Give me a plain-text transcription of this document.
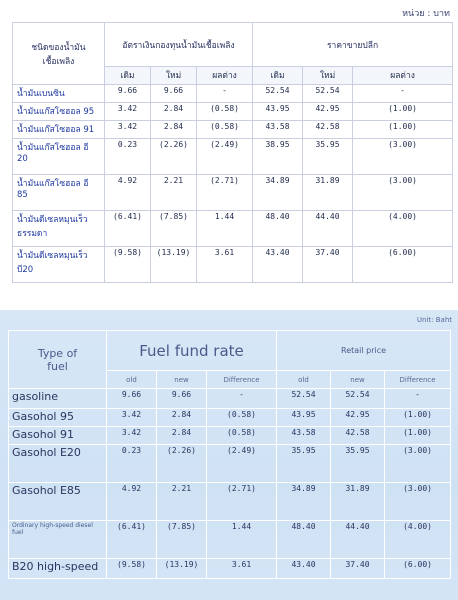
หน่วย : บาท
ชนิดของน้ำมัน
เชื้อเพลิง	อัตราเงินกองทุนน้ำมันเชื้อเพลิง			ราคาขายปลีก		
	เดิม	ใหม่	ผลต่าง	เดิม	ใหม่	ผลต่าง

น้ำมันเบนซิน	9.66	9.66	-	52.54	52.54	-

น้ำมันแก๊สโซฮอล 95	3.42	2.84	(0.58)	43.95	42.95	(1.00)

น้ำมันแก๊สโซฮอล 91	3.42	2.84	(0.58)	43.58	42.58	(1.00)

น้ำมันแก๊สโซฮอล อี
20	0.23	(2.26)	(2.49)	38.95	35.95	(3.00)

น้ำมันแก๊สโซฮอล อี
85	4.92	2.21	(2.71)	34.89	31.89	(3.00)

น้ำมันดีเซลหมุนเร็ว
ธรรมดา	(6.41)	(7.85)	1.44	48.40	44.40	(4.00)

น้ำมันดีเซลหมุนเร็ว
บี20	(9.58)	(13.19)	3.61	43.40	37.40	(6.00)
Unit: Baht
Type of
fuel	Fuel fund rate			Retail price		
	old	new	Difference	old	new	Difference
gasoline	9.66	9.66	-	52.54	52.54	-
Gasohol 95	3.42	2.84	(0.58)	43.95	42.95	(1.00)
Gasohol 91	3.42	2.84	(0.58)	43.58	42.58	(1.00)
Gasohol E20	0.23	(2.26)	(2.49)	35.95	35.95	(3.00)
Gasohol E85	4.92	2.21	(2.71)	34.89	31.89	(3.00)
Ordinary high-speed diesel fuel	(6.41)	(7.85)	1.44	48.40	44.40	(4.00)
B20 high-speed	(9.58)	(13.19)	3.61	43.40	37.40	(6.00)
